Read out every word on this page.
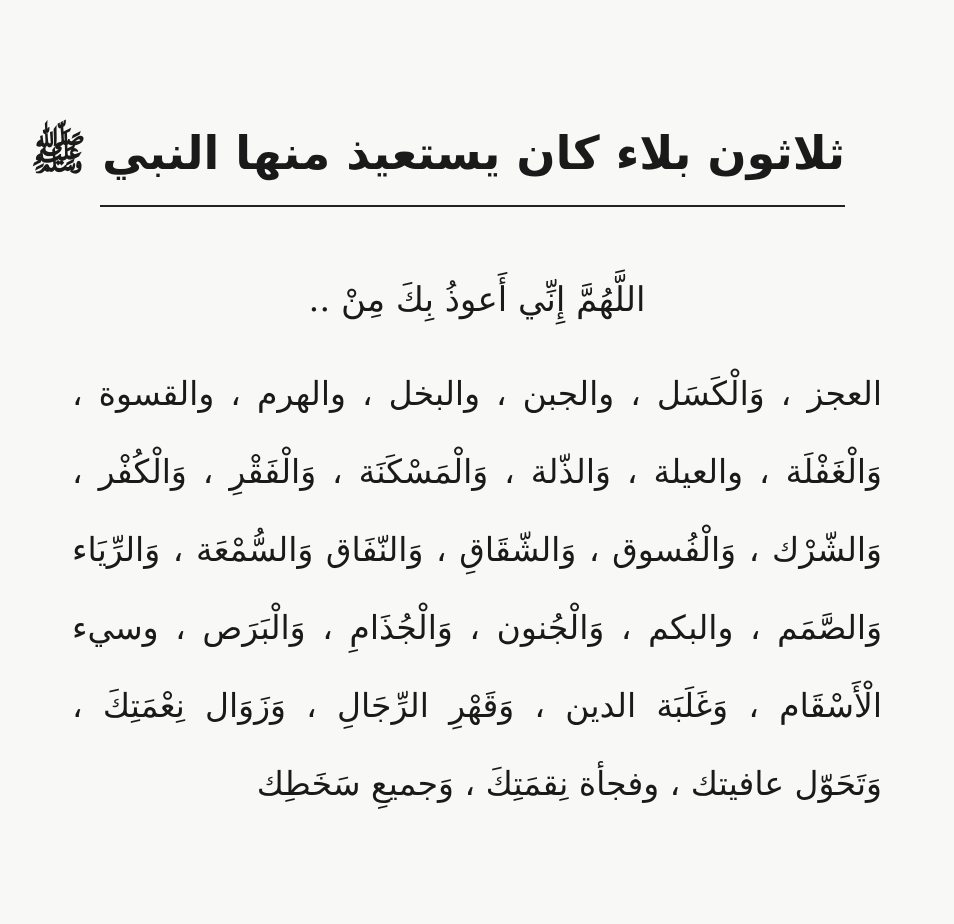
ثلاثون بلاء كان يستعيذ منها النبي ﷺ
اللَّهُمَّ إِنِّي أَعوذُ بِكَ مِنْ ..
العجز ، وَالْكَسَل ، والجبن ، والبخل ، والهرم ، والقسوة ،
وَالْغَفْلَة ، والعيلة ، وَالذّلة ، وَالْمَسْكَنَة ، وَالْفَقْرِ ، وَالْكُفْر ،
وَالشّرْك ، وَالْفُسوق ، وَالشّقَاقِ ، وَالنّفَاق وَالسُّمْعَة ، وَالرِّيَاء
وَالصَّمَم ، والبكم ، وَالْجُنون ، وَالْجُذَامِ ، وَالْبَرَص ، وسيء
الْأَسْقَام ، وَغَلَبَة الدين ، وَقَهْرِ الرِّجَالِ ، وَزَوَال نِعْمَتِكَ ،
وَتَحَوّل عافيتك ، وفجأة نِقمَتِكَ ، وَجميعِ سَخَطِك
